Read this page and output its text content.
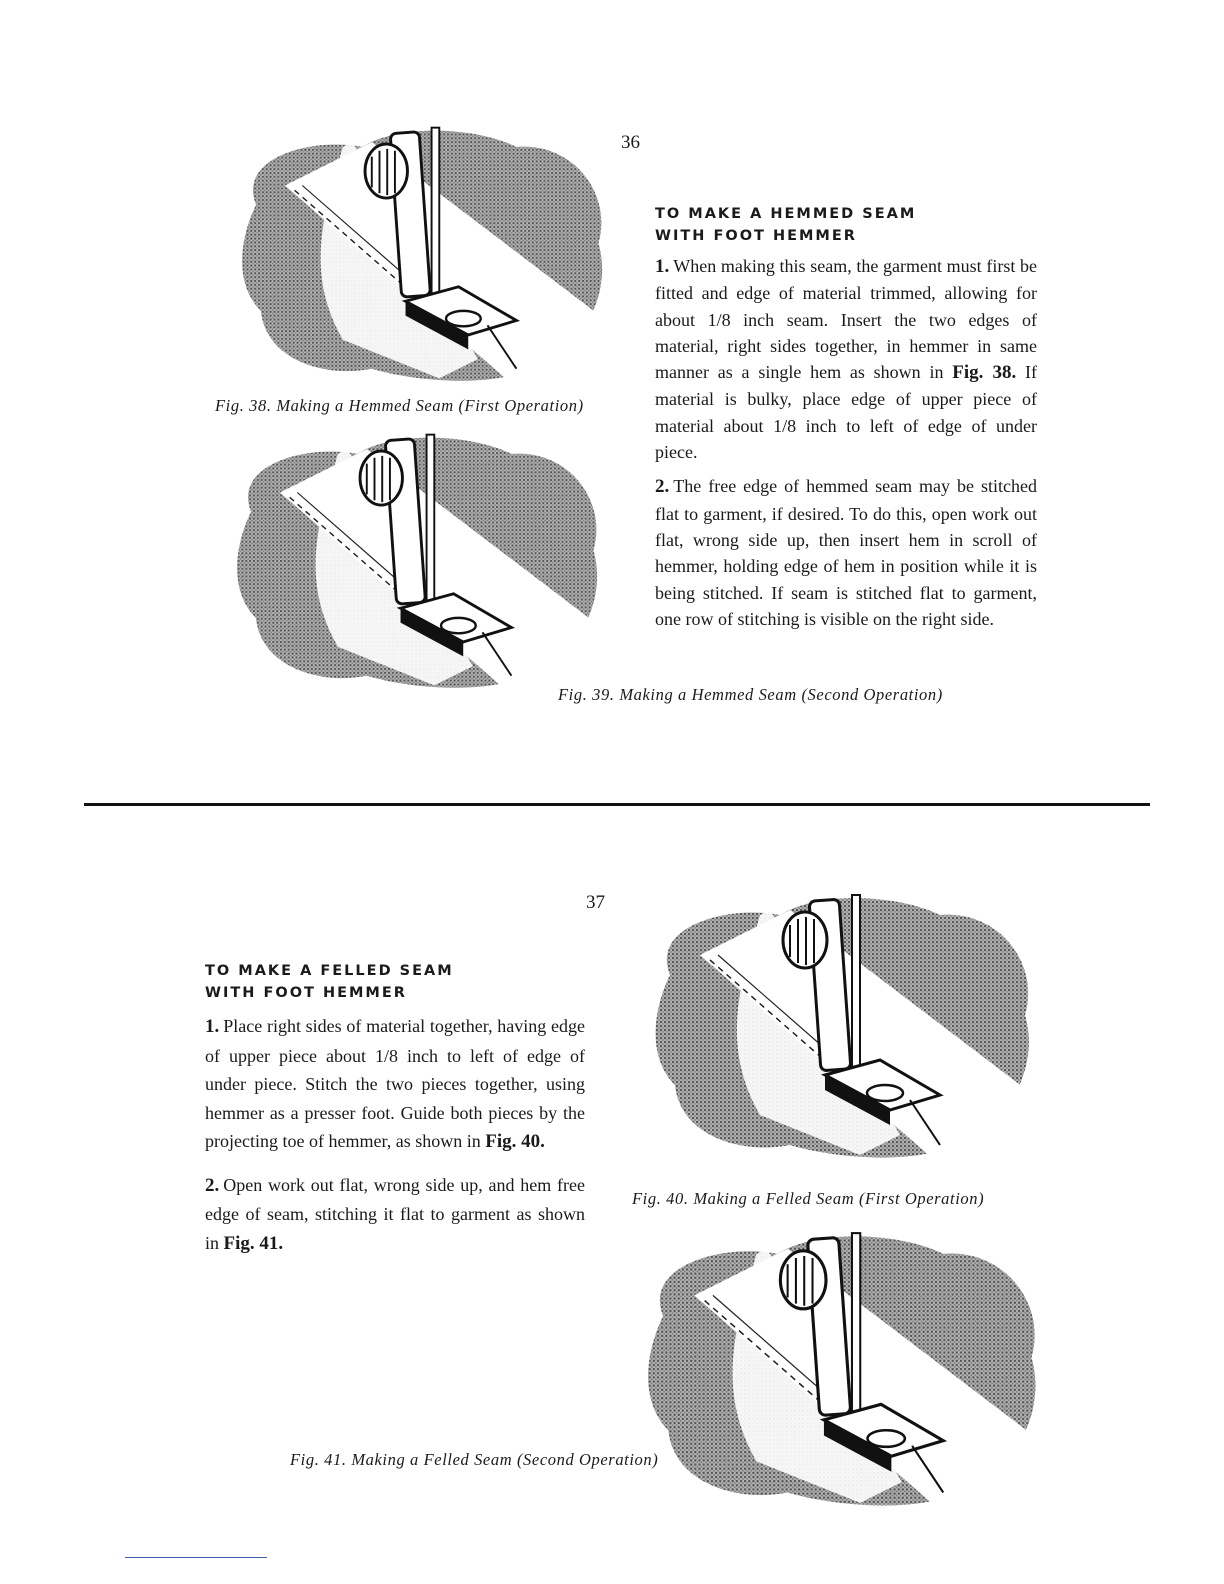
36
Fig. 38. Making a Hemmed Seam (First Operation)
Fig. 39. Making a Hemmed Seam (Second Operation)
TO MAKE A HEMMED SEAM
WITH FOOT HEMMER

1. When making this seam, the garment must first be fitted and edge of material trimmed, allowing for about 1/8 inch seam. Insert the two edges of material, right sides together, in hemmer in same manner as a single hem as shown in Fig. 38. If material is bulky, place edge of upper piece of material about 1/8 inch to left of edge of under piece.

2. The free edge of hemmed seam may be stitched flat to garment, if desired. To do this, open work out flat, wrong side up, then insert hem in scroll of hemmer, holding edge of hem in position while it is being stitched. If seam is stitched flat to garment, one row of stitching is visible on the right side.

37
TO MAKE A FELLED SEAM
WITH FOOT HEMMER

1. Place right sides of material together, having edge of upper piece about 1/8 inch to left of edge of under piece. Stitch the two pieces together, using hemmer as a presser foot. Guide both pieces by the projecting toe of hemmer, as shown in Fig. 40.

2. Open work out flat, wrong side up, and hem free edge of seam, stitching it flat to garment as shown in Fig. 41.

Fig. 40. Making a Felled Seam (First Operation)
Fig. 41. Making a Felled Seam (Second Operation)
